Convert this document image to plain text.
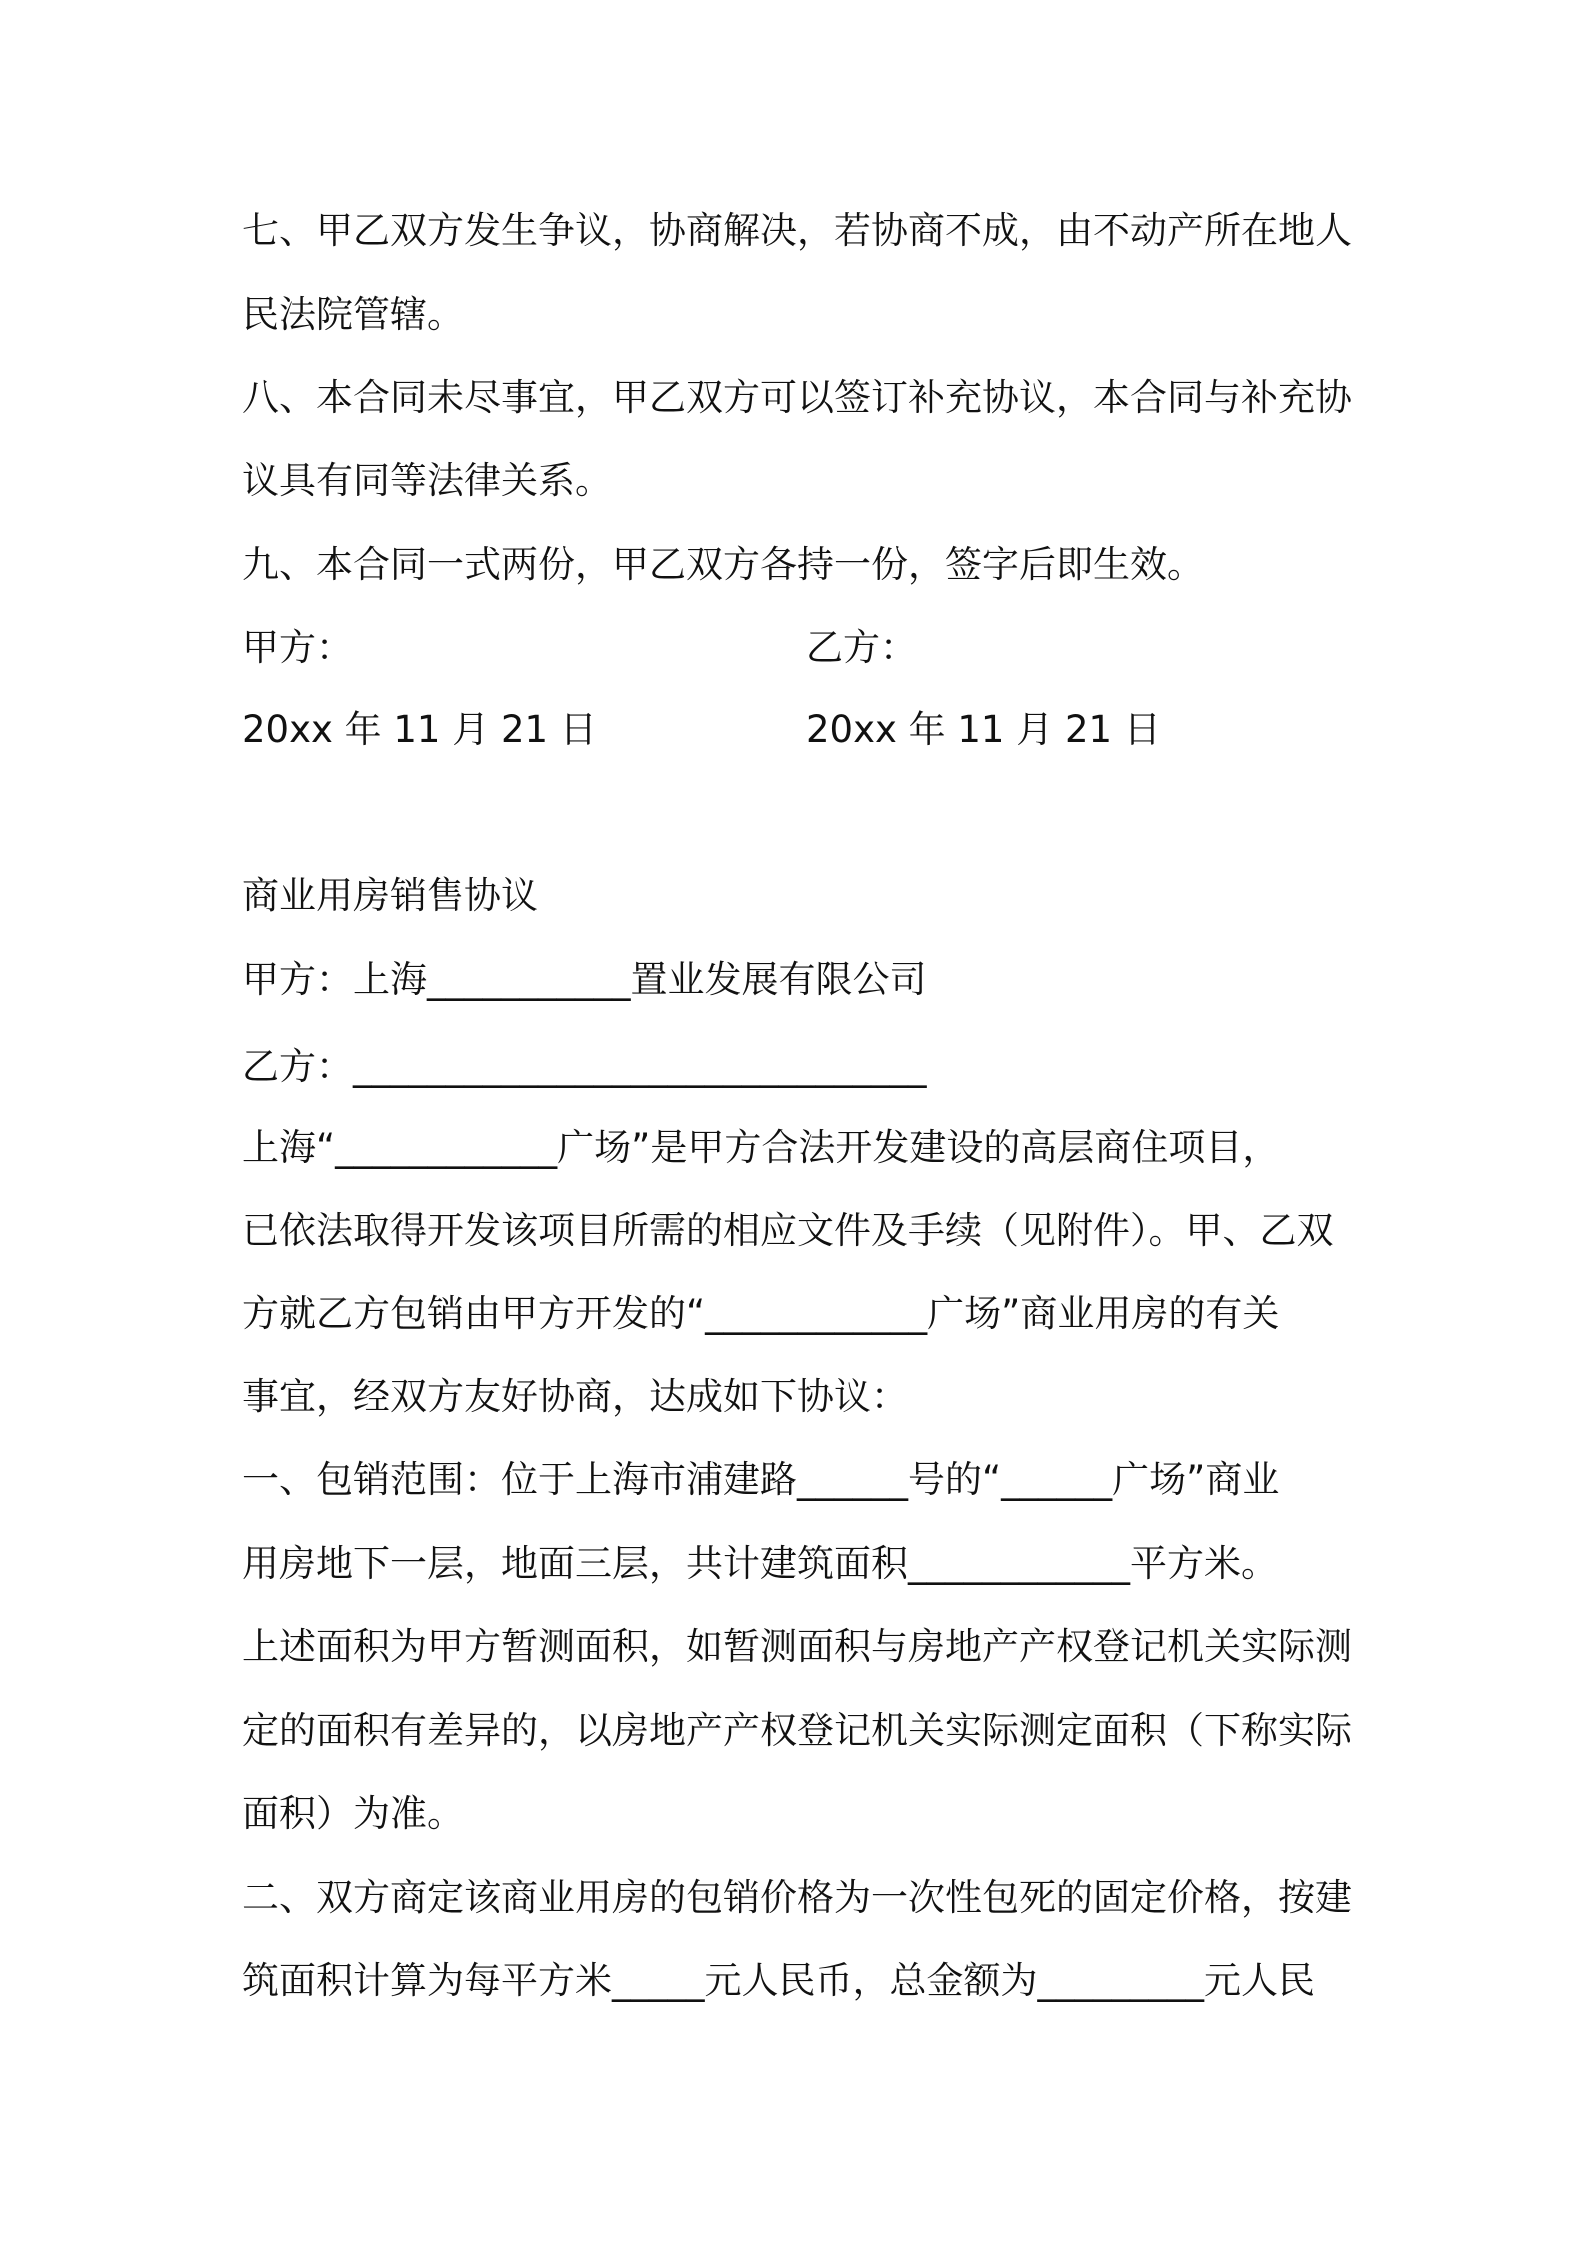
七、甲乙双方发生争议，协商解决，若协商不成，由不动产所在地人
民法院管辖。
八、本合同未尽事宜，甲乙双方可以签订补充协议，本合同与补充协
议具有同等法律关系。
九、本合同一式两份，甲乙双方各持一份，签字后即生效。
甲方：	乙方：
20xx 年 11 月 21 日	20xx 年 11 月 21 日
商业用房销售协议
甲方：上海___________置业发展有限公司
乙方：_______________________________
上海“____________广场”是甲方合法开发建设的高层商住项目，
已依法取得开发该项目所需的相应文件及手续（见附件）。甲、乙双
方就乙方包销由甲方开发的“____________广场”商业用房的有关
事宜，经双方友好协商，达成如下协议：
一、包销范围：位于上海市浦建路______号的“______广场”商业
用房地下一层，地面三层，共计建筑面积____________平方米。
上述面积为甲方暂测面积，如暂测面积与房地产产权登记机关实际测
定的面积有差异的，以房地产产权登记机关实际测定面积（下称实际
面积）为准。
二、双方商定该商业用房的包销价格为一次性包死的固定价格，按建
筑面积计算为每平方米_____元人民币，总金额为_________元人民
